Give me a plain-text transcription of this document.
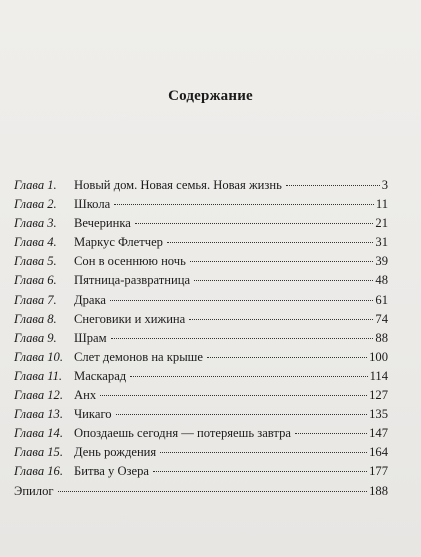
Содержание
Глава 1.	Новый дом. Новая семья. Новая жизнь	3
Глава 2.	Школа	11
Глава 3.	Вечеринка	21
Глава 4.	Маркус Флетчер	31
Глава 5.	Сон в осеннюю ночь	39
Глава 6.	Пятница-развратница	48
Глава 7.	Драка	61
Глава 8.	Снеговики и хижина	74
Глава 9.	Шрам	88
Глава 10. Слет демонов на крыше	100
Глава 11. Маскарад	114
Глава 12. Анх	127
Глава 13. Чикаго	135
Глава 14. Опоздаешь сегодня — потеряешь завтра	147
Глава 15. День рождения	164
Глава 16. Битва у Озера	177
Эпилог	188
